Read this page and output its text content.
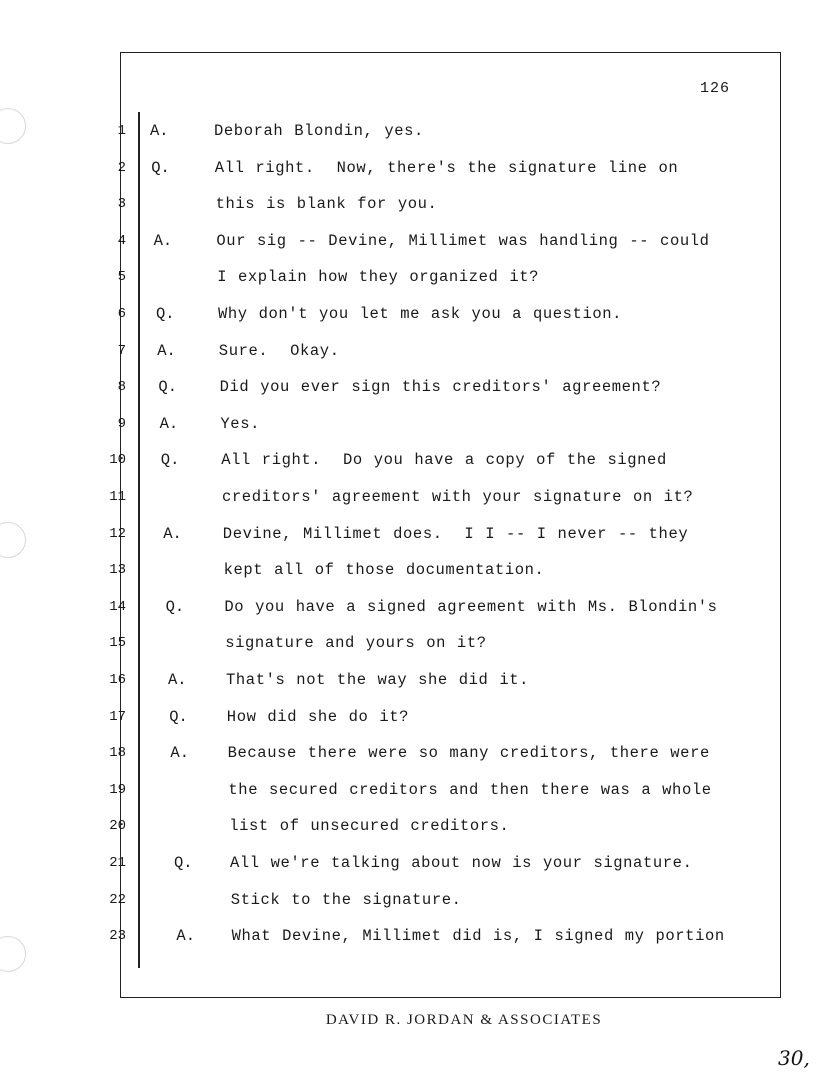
126
1 A.	Deborah Blondin, yes.
2 Q.	All right.  Now, there's the signature line on
3	this is blank for you.
4 A.	Our sig -- Devine, Millimet was handling -- could
5	I explain how they organized it?
6 Q.	Why don't you let me ask you a question.
7 A.	Sure.  Okay.
8 Q.	Did you ever sign this creditors' agreement?
9 A.	Yes.
10 Q.	All right.  Do you have a copy of the signed
11	creditors' agreement with your signature on it?
12 A.	Devine, Millimet does.  I I -- I never -- they
13	kept all of those documentation.
14	Q.	Do you have a signed agreement with Ms. Blondin's
15	signature and yours on it?
16	A.	That's not the way she did it.
17	Q.	How did she do it?
18	A.	Because there were so many creditors, there were
19	the secured creditors and then there was a whole
20	list of unsecured creditors.
21	Q.	All we're talking about now is your signature.
22	Stick to the signature.
23	A.	What Devine, Millimet did is, I signed my portion
DAVID R. JORDAN & ASSOCIATES
30,
